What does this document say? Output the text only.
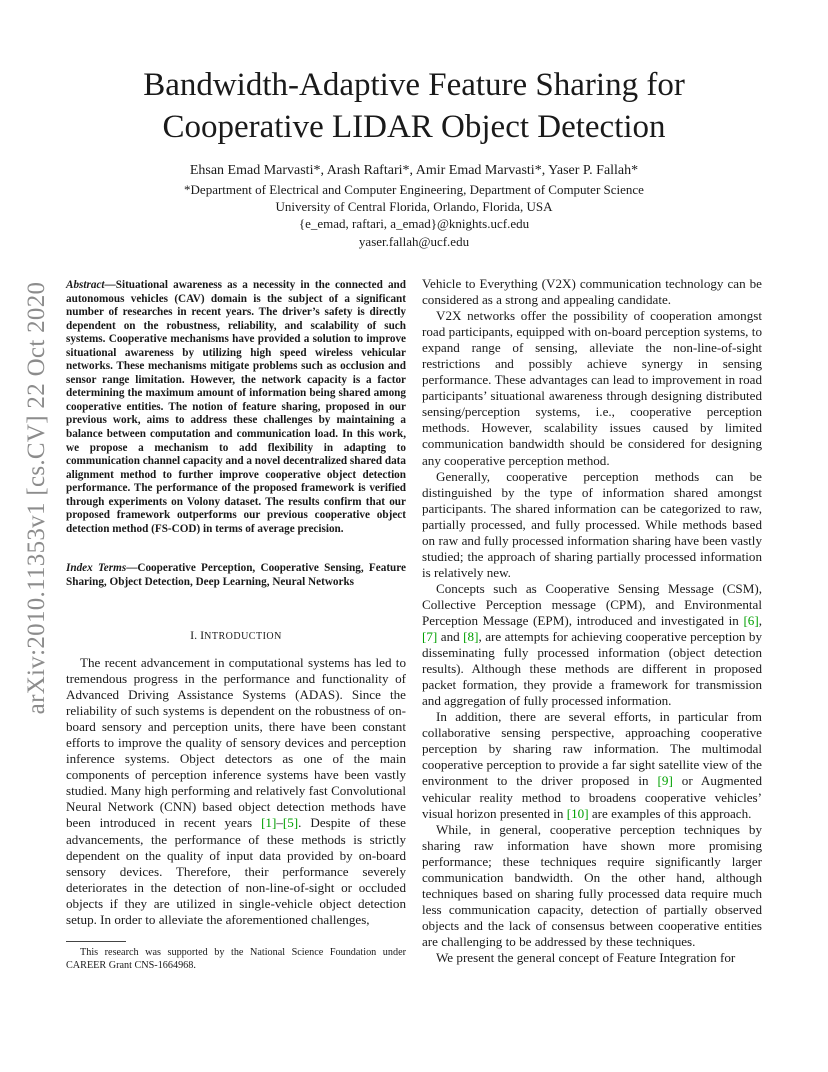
Bandwidth-Adaptive Feature Sharing for
Cooperative LIDAR Object Detection
Ehsan Emad Marvasti*, Arash Raftari*, Amir Emad Marvasti*, Yaser P. Fallah*
*Department of Electrical and Computer Engineering, Department of Computer Science
University of Central Florida, Orlando, Florida, USA
{e_emad, raftari, a_emad}@knights.ucf.edu
yaser.fallah@ucf.edu
arXiv:2010.11353v1 [cs.CV] 22 Oct 2020 Abstract—Situational awareness as a necessity in the connected and autonomous vehicles (CAV) domain is the subject of a significant number of researches in recent years. The driver’s safety is directly dependent on the robustness, reliability, and scalability of such systems. Cooperative mechanisms have provided a solution to improve situational awareness by utilizing high speed wireless vehicular networks. These mechanisms mitigate problems such as occlusion and sensor range limitation. However, the network capacity is a factor determining the maximum amount of information being shared among cooperative entities. The notion of feature sharing, proposed in our previous work, aims to address these challenges by maintaining a balance between computation and communication load. In this work, we propose a mechanism to add flexibility in adapting to communication channel capacity and a novel decentralized shared data alignment method to further improve cooperative object detection performance. The performance of the proposed framework is verified through experiments on Volony dataset. The results confirm that our proposed framework outperforms our previous cooperative object detection method (FS-COD) in terms of average precision.
Index Terms—Cooperative Perception, Cooperative Sensing, Feature Sharing, Object Detection, Deep Learning, Neural Networks
I. INTRODUCTION

The recent advancement in computational systems has led to tremendous progress in the performance and functionality of Advanced Driving Assistance Systems (ADAS). Since the reliability of such systems is dependent on the robustness of on-board sensory and perception units, there have been constant efforts to improve the quality of sensory devices and perception inference systems. Object detectors as one of the main components of perception inference systems have been vastly studied. Many high performing and relatively fast Convolutional Neural Network (CNN) based object detection methods have been introduced in recent years [1]–[5]. Despite of these advancements, the performance of these methods is strictly dependent on the quality of input data provided by on-board sensory devices. Therefore, their performance severely deteriorates in the detection of non-line-of-sight or occluded objects if they are utilized in single-vehicle object detection setup. In order to alleviate the aforementioned challenges,

This research was supported by the National Science Foundation under CAREER Grant CNS-1664968.

Vehicle to Everything (V2X) communication technology can be considered as a strong and appealing candidate.

V2X networks offer the possibility of cooperation amongst road participants, equipped with on-board perception systems, to expand range of sensing, alleviate the non-line-of-sight restrictions and possibly achieve synergy in sensing performance. These advantages can lead to improvement in road participants’ situational awareness through designing distributed sensing/perception systems, i.e., cooperative perception methods. However, scalability issues caused by limited communication bandwidth should be considered for designing any cooperative perception method.

Generally, cooperative perception methods can be distinguished by the type of information shared amongst participants. The shared information can be categorized to raw, partially processed, and fully processed. While methods based on raw and fully processed information sharing have been vastly studied; the approach of sharing partially processed information is relatively new.

Concepts such as Cooperative Sensing Message (CSM), Collective Perception message (CPM), and Environmental Perception Message (EPM), introduced and investigated in [6], [7] and [8], are attempts for achieving cooperative perception by disseminating fully processed information (object detection results). Although these methods are different in proposed packet formation, they provide a framework for transmission and aggregation of fully processed information.

In addition, there are several efforts, in particular from collaborative sensing perspective, approaching cooperative perception by sharing raw information. The multimodal cooperative perception to provide a far sight satellite view of the environment to the driver proposed in [9] or Augmented vehicular reality method to broadens cooperative vehicles’ visual horizon presented in [10] are examples of this approach.

While, in general, cooperative perception techniques by sharing raw information have shown more promising performance; these techniques require significantly larger communication bandwidth. On the other hand, although techniques based on sharing fully processed data require much less communication capacity, detection of partially observed objects and the lack of consensus between cooperative entities are challenging to be addressed by these techniques.

We present the general concept of Feature Integration for
